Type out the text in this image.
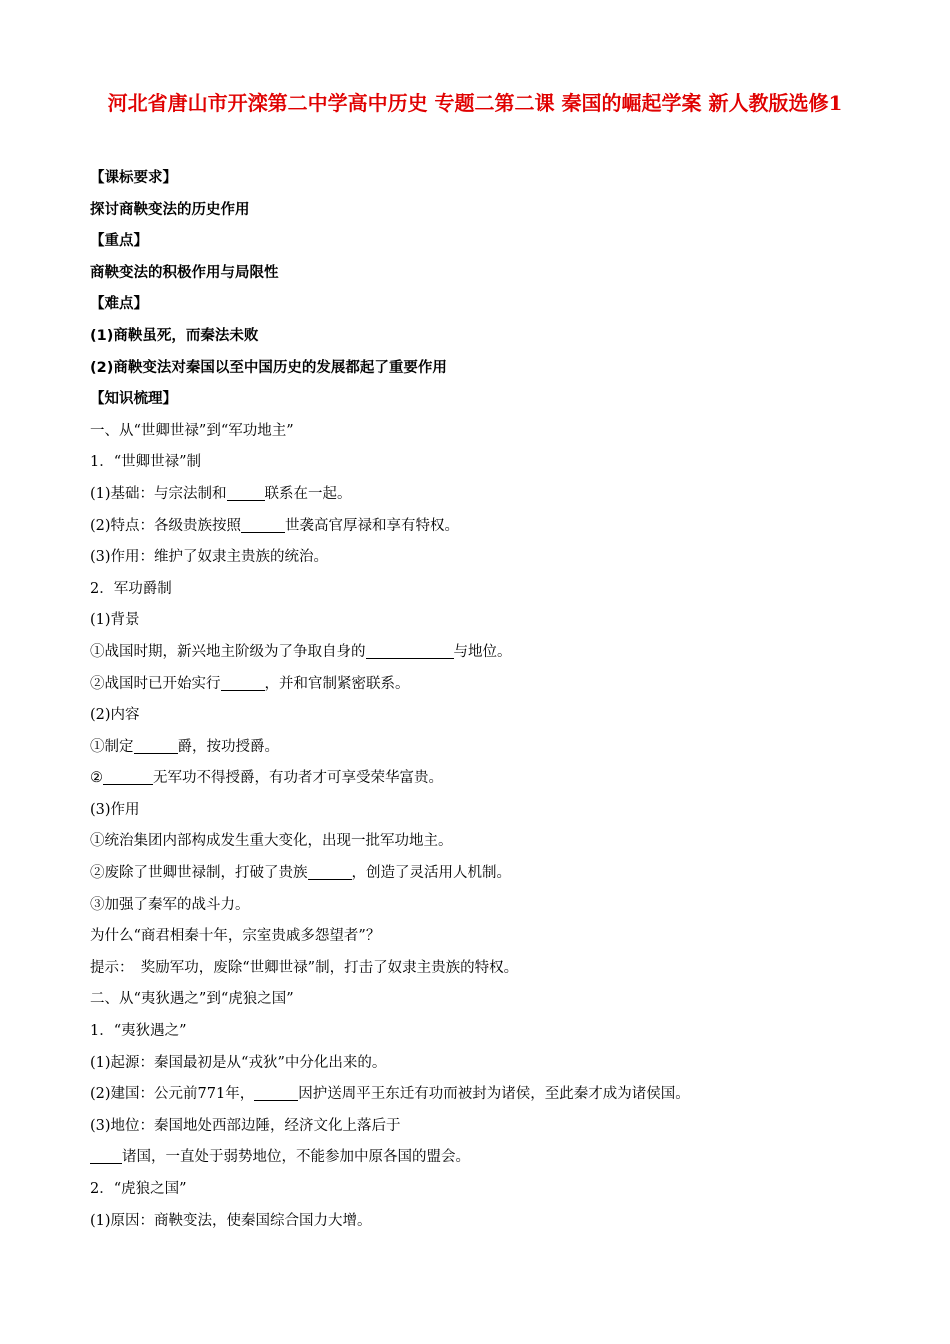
河北省唐山市开滦第二中学高中历史 专题二第二课 秦国的崛起学案 新人教版选修1
【课标要求】
探讨商鞅变法的历史作用
【重点】
商鞅变法的积极作用与局限性
【难点】
(1)商鞅虽死，而秦法未败
(2)商鞅变法对秦国以至中国历史的发展都起了重要作用
【知识梳理】
一、从“世卿世禄”到“军功地主”
1．“世卿世禄”制
(1)基础：与宗法制和	联系在一起。
(2)特点：各级贵族按照	世袭高官厚禄和享有特权。
(3)作用：维护了奴隶主贵族的统治。
2．军功爵制
(1)背景
①战国时期，新兴地主阶级为了争取自身的	与地位。
②战国时已开始实行	，并和官制紧密联系。
(2)内容
①制定	爵，按功授爵。
②	无军功不得授爵，有功者才可享受荣华富贵。
(3)作用
①统治集团内部构成发生重大变化，出现一批军功地主。
②废除了世卿世禄制，打破了贵族	，创造了灵活用人机制。
③加强了秦军的战斗力。
为什么“商君相秦十年，宗室贵戚多怨望者”？
提示：　奖励军功，废除“世卿世禄”制，打击了奴隶主贵族的特权。
二、从“夷狄遇之”到“虎狼之国”
1．“夷狄遇之”
(1)起源：秦国最初是从“戎狄”中分化出来的。
(2)建国：公元前771年，	因护送周平王东迁有功而被封为诸侯，至此秦才成为诸侯国。
(3)地位：秦国地处西部边陲，经济文化上落后于
诸国，一直处于弱势地位，不能参加中原各国的盟会。
2．“虎狼之国”
(1)原因：商鞅变法，使秦国综合国力大增。
